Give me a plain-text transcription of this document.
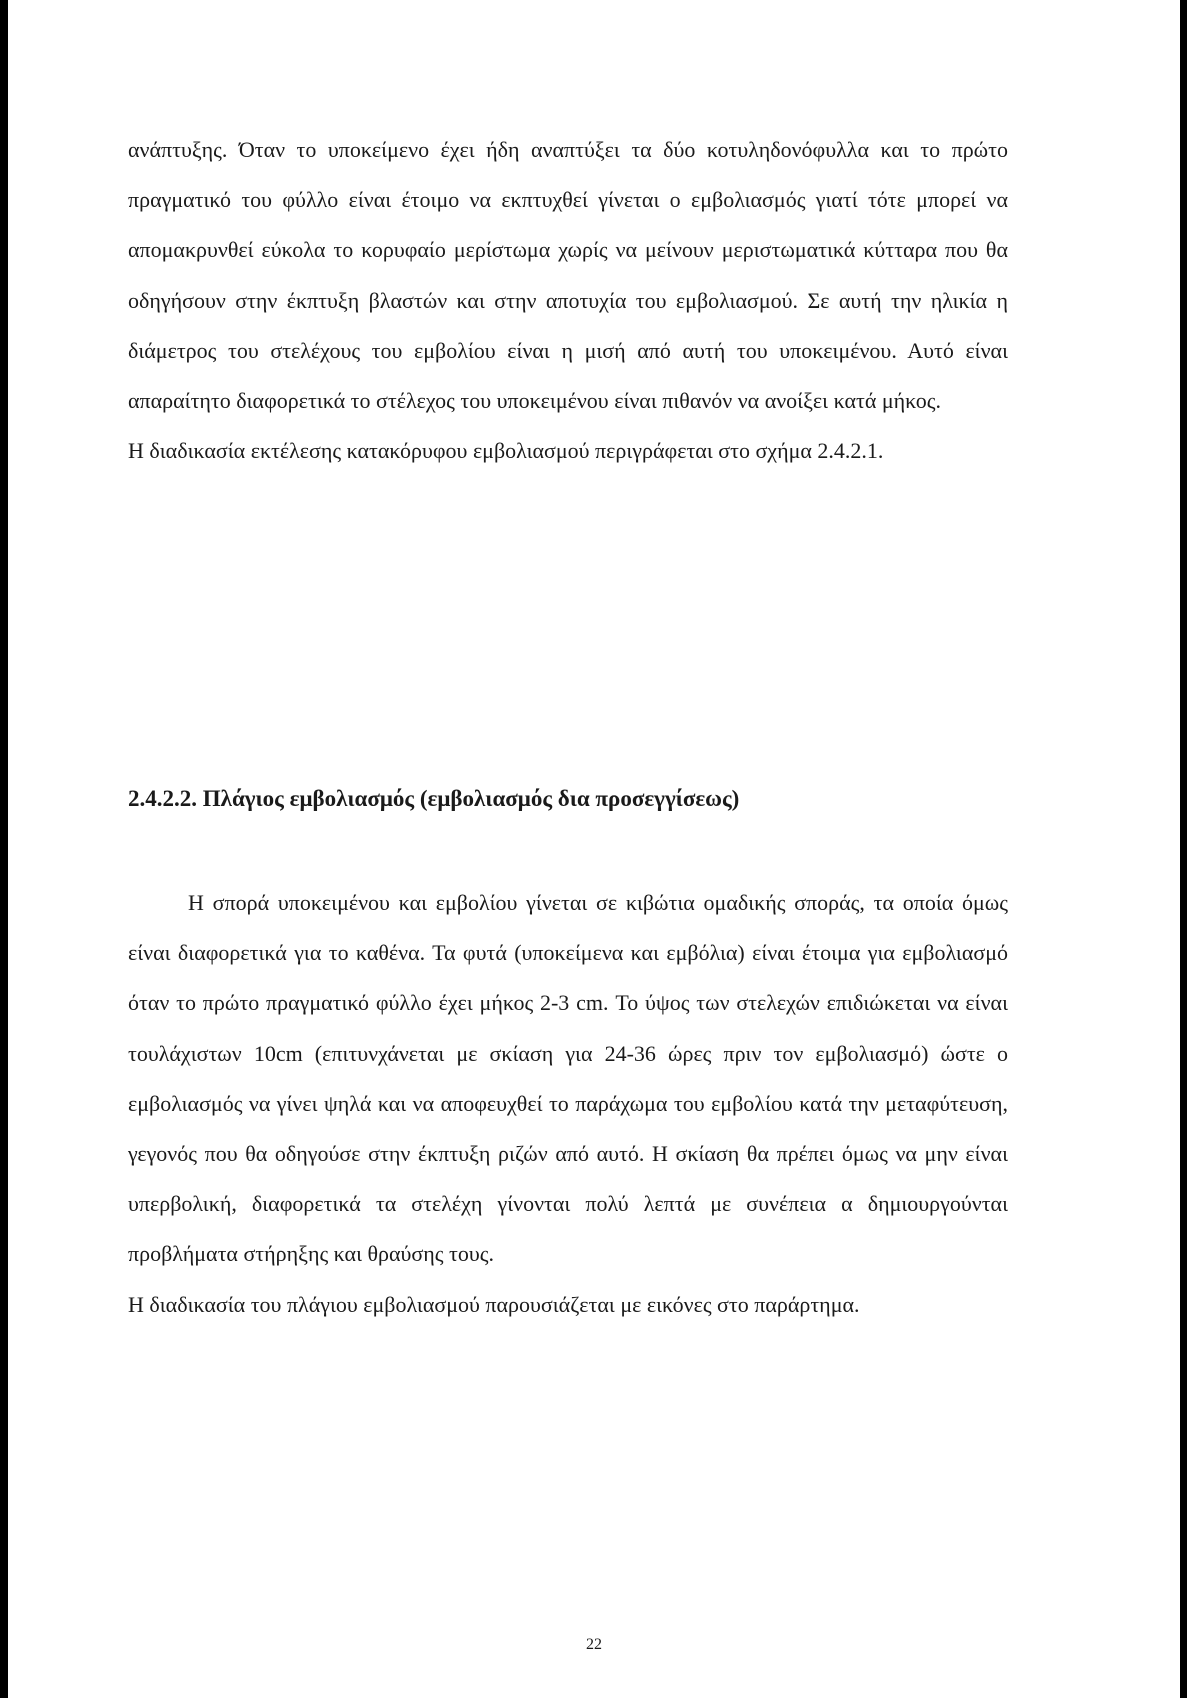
ανάπτυξης. Όταν το υποκείμενο έχει ήδη αναπτύξει τα δύο κοτυληδονόφυλλα και το πρώτο πραγματικό του φύλλο είναι έτοιμο να εκπτυχθεί γίνεται ο εμβολιασμός γιατί τότε μπορεί να απομακρυνθεί εύκολα το κορυφαίο μερίστωμα χωρίς να μείνουν μεριστωματικά κύτταρα που θα οδηγήσουν στην έκπτυξη βλαστών και στην αποτυχία του εμβολιασμού. Σε αυτή την ηλικία η διάμετρος του στελέχους του εμβολίου είναι η μισή από αυτή του υποκειμένου. Αυτό είναι απαραίτητο διαφορετικά το στέλεχος του υποκειμένου είναι πιθανόν να ανοίξει κατά μήκος.

Η διαδικασία εκτέλεσης κατακόρυφου εμβολιασμού περιγράφεται στο σχήμα 2.4.2.1.

2.4.2.2. Πλάγιος εμβολιασμός (εμβολιασμός δια προσεγγίσεως)

Η σπορά υποκειμένου και εμβολίου γίνεται σε κιβώτια ομαδικής σποράς, τα οποία όμως είναι διαφορετικά για το καθένα. Τα φυτά (υποκείμενα και εμβόλια) είναι έτοιμα για εμβολιασμό όταν το πρώτο πραγματικό φύλλο έχει μήκος 2-3 cm. Το ύψος των στελεχών επιδιώκεται να είναι τουλάχιστων 10cm (επιτυνχάνεται με σκίαση για 24-36 ώρες πριν τον εμβολιασμό) ώστε ο εμβολιασμός να γίνει ψηλά και να αποφευχθεί το παράχωμα του εμβολίου κατά την μεταφύτευση, γεγονός που θα οδηγούσε στην έκπτυξη ριζών από αυτό. Η σκίαση θα πρέπει όμως να μην είναι υπερβολική, διαφορετικά τα στελέχη γίνονται πολύ λεπτά με συνέπεια α δημιουργούνται προβλήματα στήρηξης και θραύσης τους.

Η διαδικασία του πλάγιου εμβολιασμού παρουσιάζεται με εικόνες στο παράρτημα.

22
